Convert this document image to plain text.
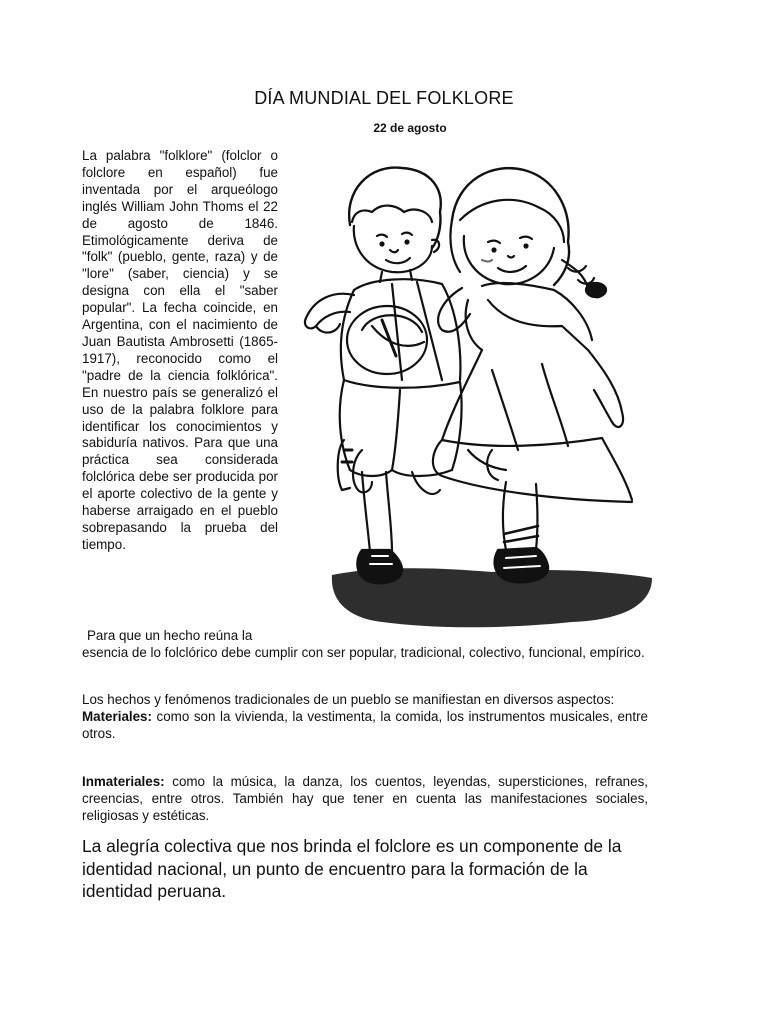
DÍA MUNDIAL DEL FOLKLORE
22 de agosto

La palabra "folklore" (folclor o folclore en español) fue inventada por el arqueólogo inglés William John Thoms el 22 de agosto de 1846. Etimológicamente deriva de "folk" (pueblo, gente, raza) y de "lore" (saber, ciencia) y se designa con ella el "saber popular". La fecha coincide, en Argentina, con el nacimiento de Juan Bautista Ambrosetti (1865-1917), reconocido como el "padre de la ciencia folklórica". En nuestro país se generalizó el uso de la palabra folklore para identificar los conocimientos y sabiduría nativos. Para que una práctica sea considerada folclórica debe ser producida por el aporte colectivo de la gente y haberse arraigado en el pueblo sobrepasando la prueba del tiempo.

Para que un hecho reúna la
esencia de lo folclórico debe cumplir con ser popular, tradicional, colectivo, funcional, empírico.

Los hechos y fenómenos tradicionales de un pueblo se manifiestan en diversos aspectos:
Materiales: como son la vivienda, la vestimenta, la comida, los instrumentos musicales, entre otros.

Inmateriales: como la música, la danza, los cuentos, leyendas, supersticiones, refranes, creencias, entre otros. También hay que tener en cuenta las manifestaciones sociales, religiosas y estéticas.

La alegría colectiva que nos brinda el folclore es un componente de la
identidad nacional, un punto de encuentro para la formación de la
identidad peruana.
